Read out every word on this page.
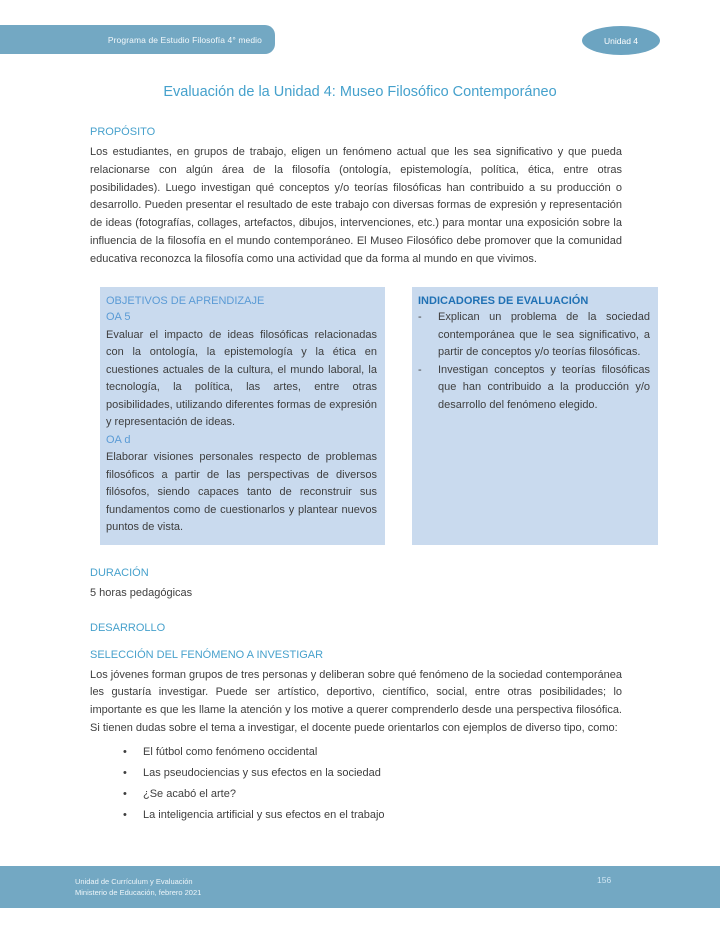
Programa de Estudio Filosofía 4° medio	Unidad 4
Evaluación de la Unidad 4: Museo Filosófico Contemporáneo
PROPÓSITO

Los estudiantes, en grupos de trabajo, eligen un fenómeno actual que les sea significativo y que pueda relacionarse con algún área de la filosofía (ontología, epistemología, política, ética, entre otras posibilidades). Luego investigan qué conceptos y/o teorías filosóficas han contribuido a su producción o desarrollo. Pueden presentar el resultado de este trabajo con diversas formas de expresión y representación de ideas (fotografías, collages, artefactos, dibujos, intervenciones, etc.) para montar una exposición sobre la influencia de la filosofía en el mundo contemporáneo. El Museo Filosófico debe promover que la comunidad educativa reconozca la filosofía como una actividad que da forma al mundo en que vivimos.

OBJETIVOS DE APRENDIZAJE
OA 5

Evaluar el impacto de ideas filosóficas relacionadas con la ontología, la epistemología y la ética en cuestiones actuales de la cultura, el mundo laboral, la tecnología, la política, las artes, entre otras posibilidades, utilizando diferentes formas de expresión y representación de ideas.

OA d

Elaborar visiones personales respecto de problemas filosóficos a partir de las perspectivas de diversos filósofos, siendo capaces tanto de reconstruir sus fundamentos como de cuestionarlos y plantear nuevos puntos de vista.

INDICADORES DE EVALUACIÓN

- Explican un problema de la sociedad contemporánea que le sea significativo, a partir de conceptos y/o teorías filosóficas.

- Investigan conceptos y teorías filosóficas que han contribuido a la producción y/o desarrollo del fenómeno elegido.

DURACIÓN

5 horas pedagógicas

DESARROLLO
SELECCIÓN DEL FENÓMENO A INVESTIGAR

Los jóvenes forman grupos de tres personas y deliberan sobre qué fenómeno de la sociedad contemporánea les gustaría investigar. Puede ser artístico, deportivo, científico, social, entre otras posibilidades; lo importante es que les llame la atención y los motive a querer comprenderlo desde una perspectiva filosófica. Si tienen dudas sobre el tema a investigar, el docente puede orientarlos con ejemplos de diverso tipo, como:

• El fútbol como fenómeno occidental
• Las pseudociencias y sus efectos en la sociedad
• ¿Se acabó el arte?
• La inteligencia artificial y sus efectos en el trabajo
Unidad de Currículum y Evaluación
Ministerio de Educación, febrero 2021
156
